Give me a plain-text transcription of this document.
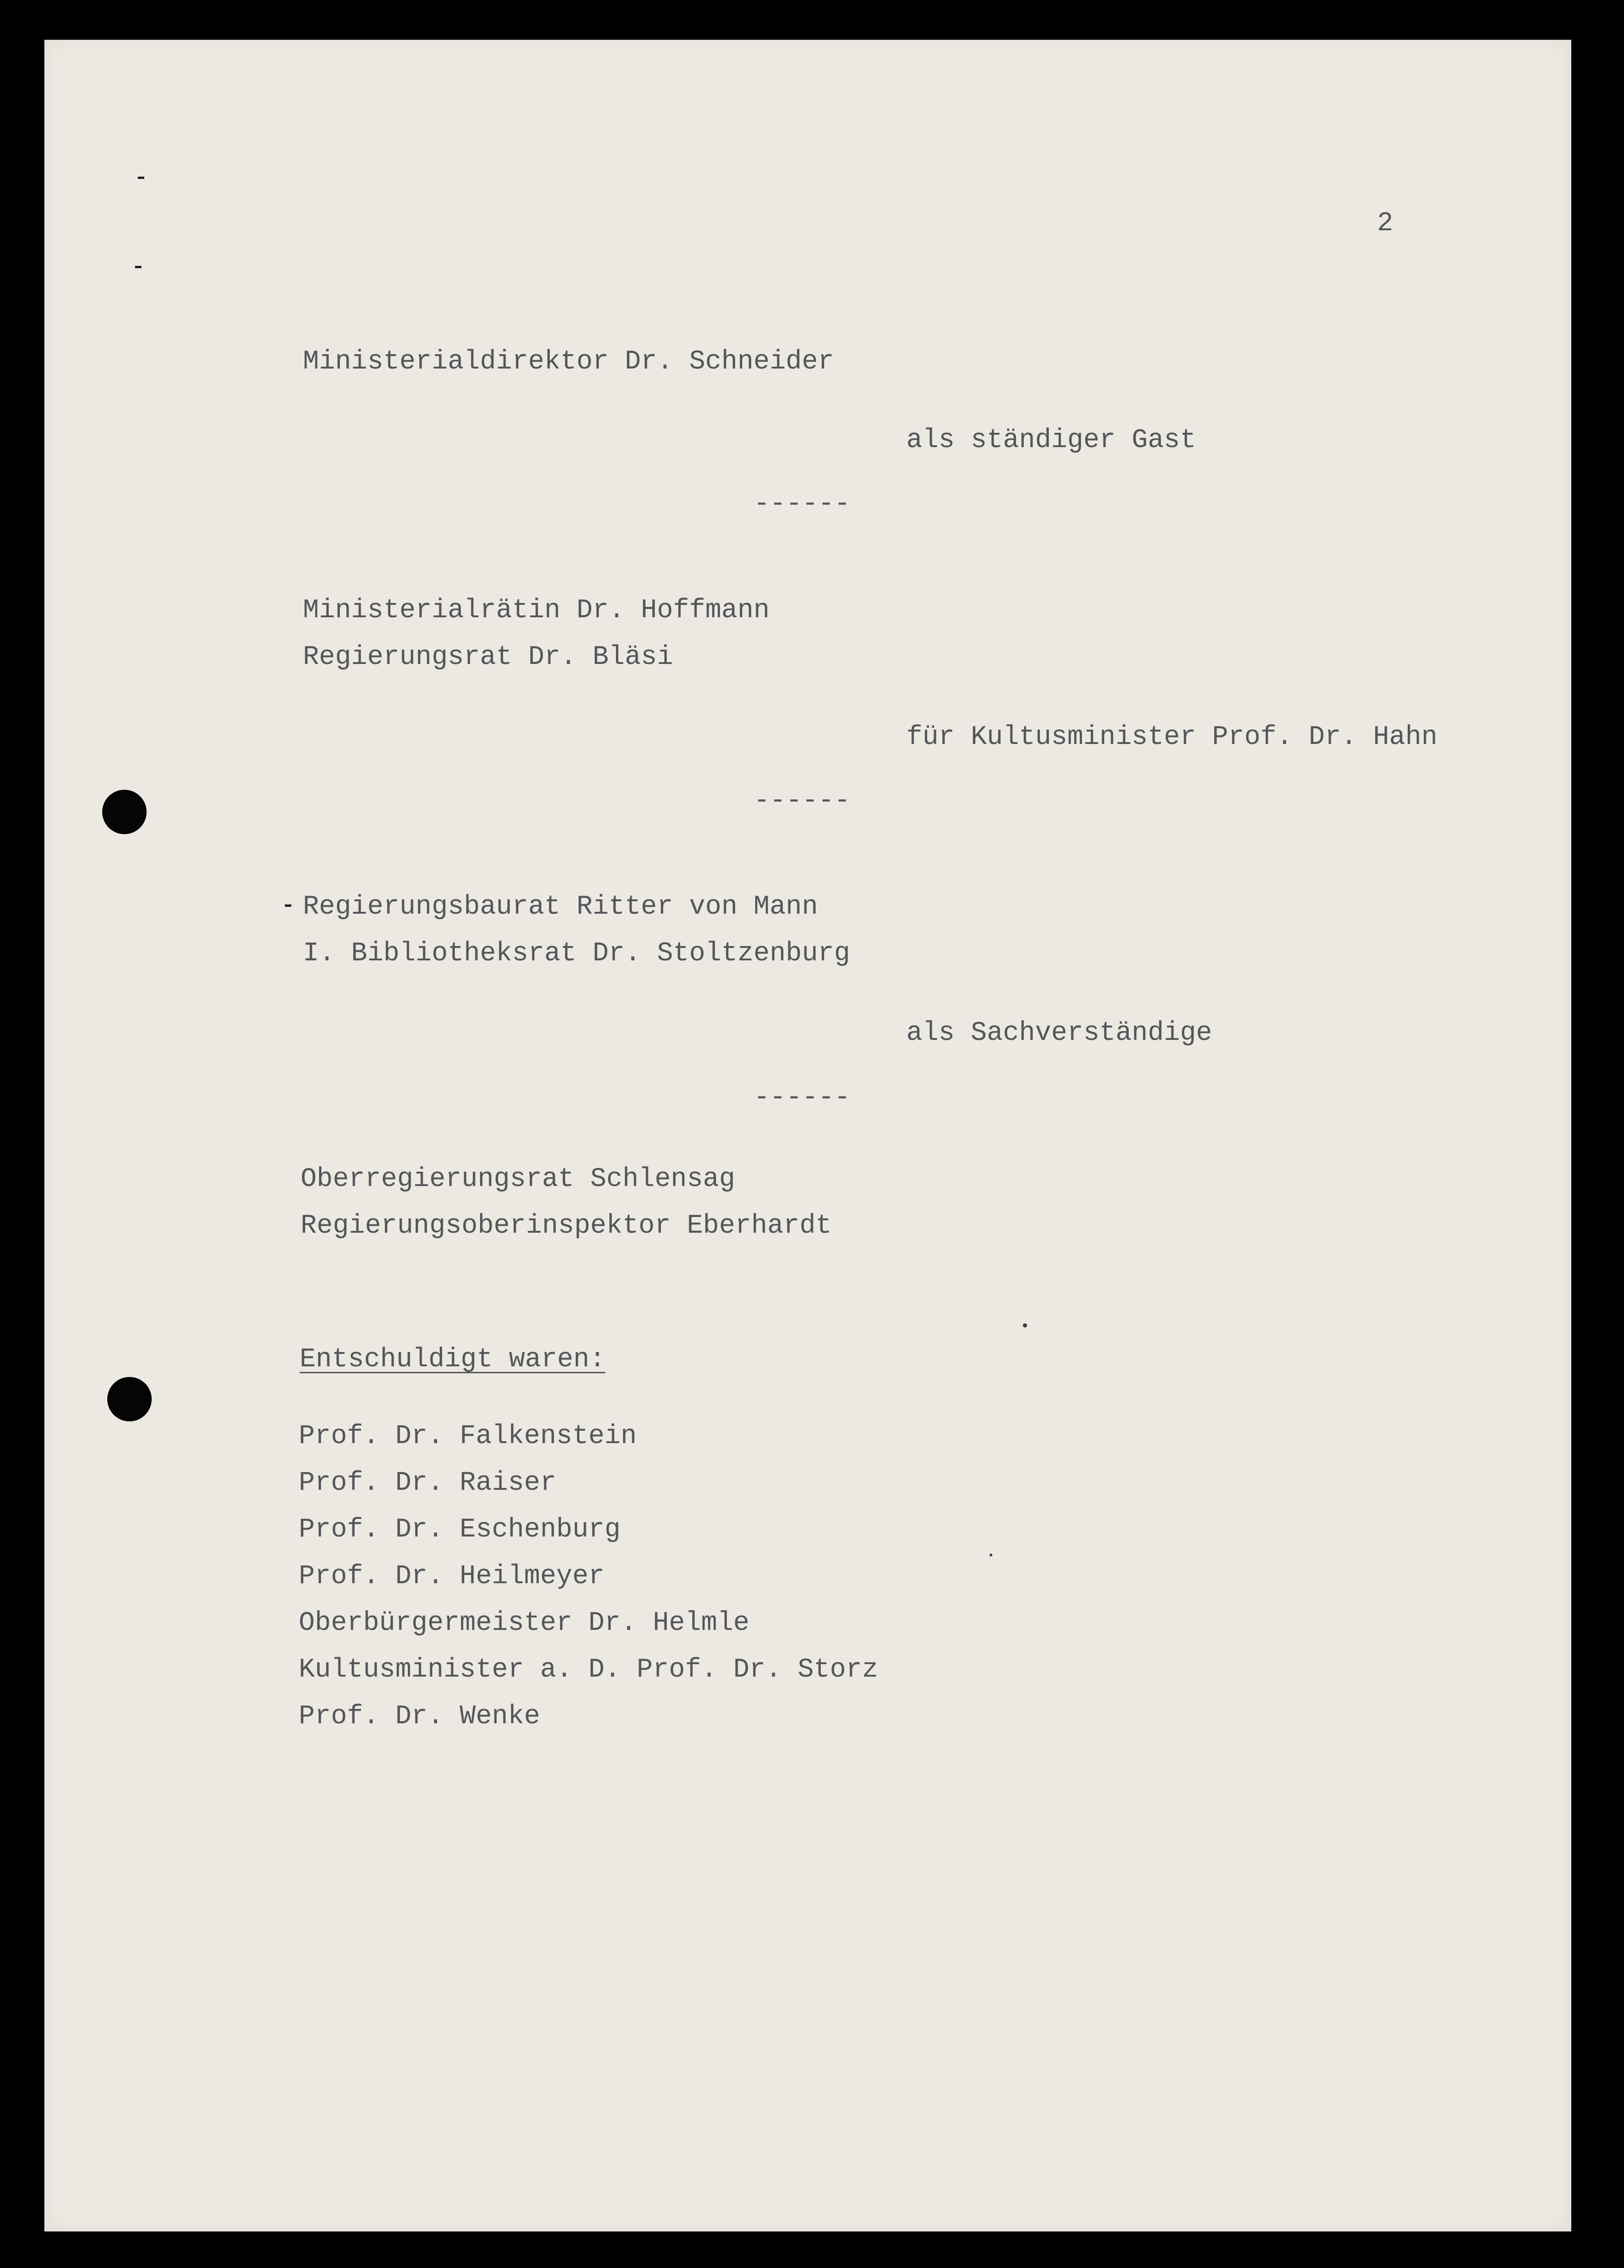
2

Ministerialdirektor Dr. Schneider

als ständiger Gast

------

Ministerialrätin Dr. Hoffmann
Regierungsrat Dr. Bläsi

für Kultusminister Prof. Dr. Hahn

------

Regierungsbaurat Ritter von Mann
I. Bibliotheksrat Dr. Stoltzenburg

als Sachverständige

------

Oberregierungsrat Schlensag
Regierungsoberinspektor Eberhardt

Entschuldigt waren:

Prof. Dr. Falkenstein
Prof. Dr. Raiser
Prof. Dr. Eschenburg
Prof. Dr. Heilmeyer
Oberbürgermeister Dr. Helmle
Kultusminister a. D. Prof. Dr. Storz
Prof. Dr. Wenke
